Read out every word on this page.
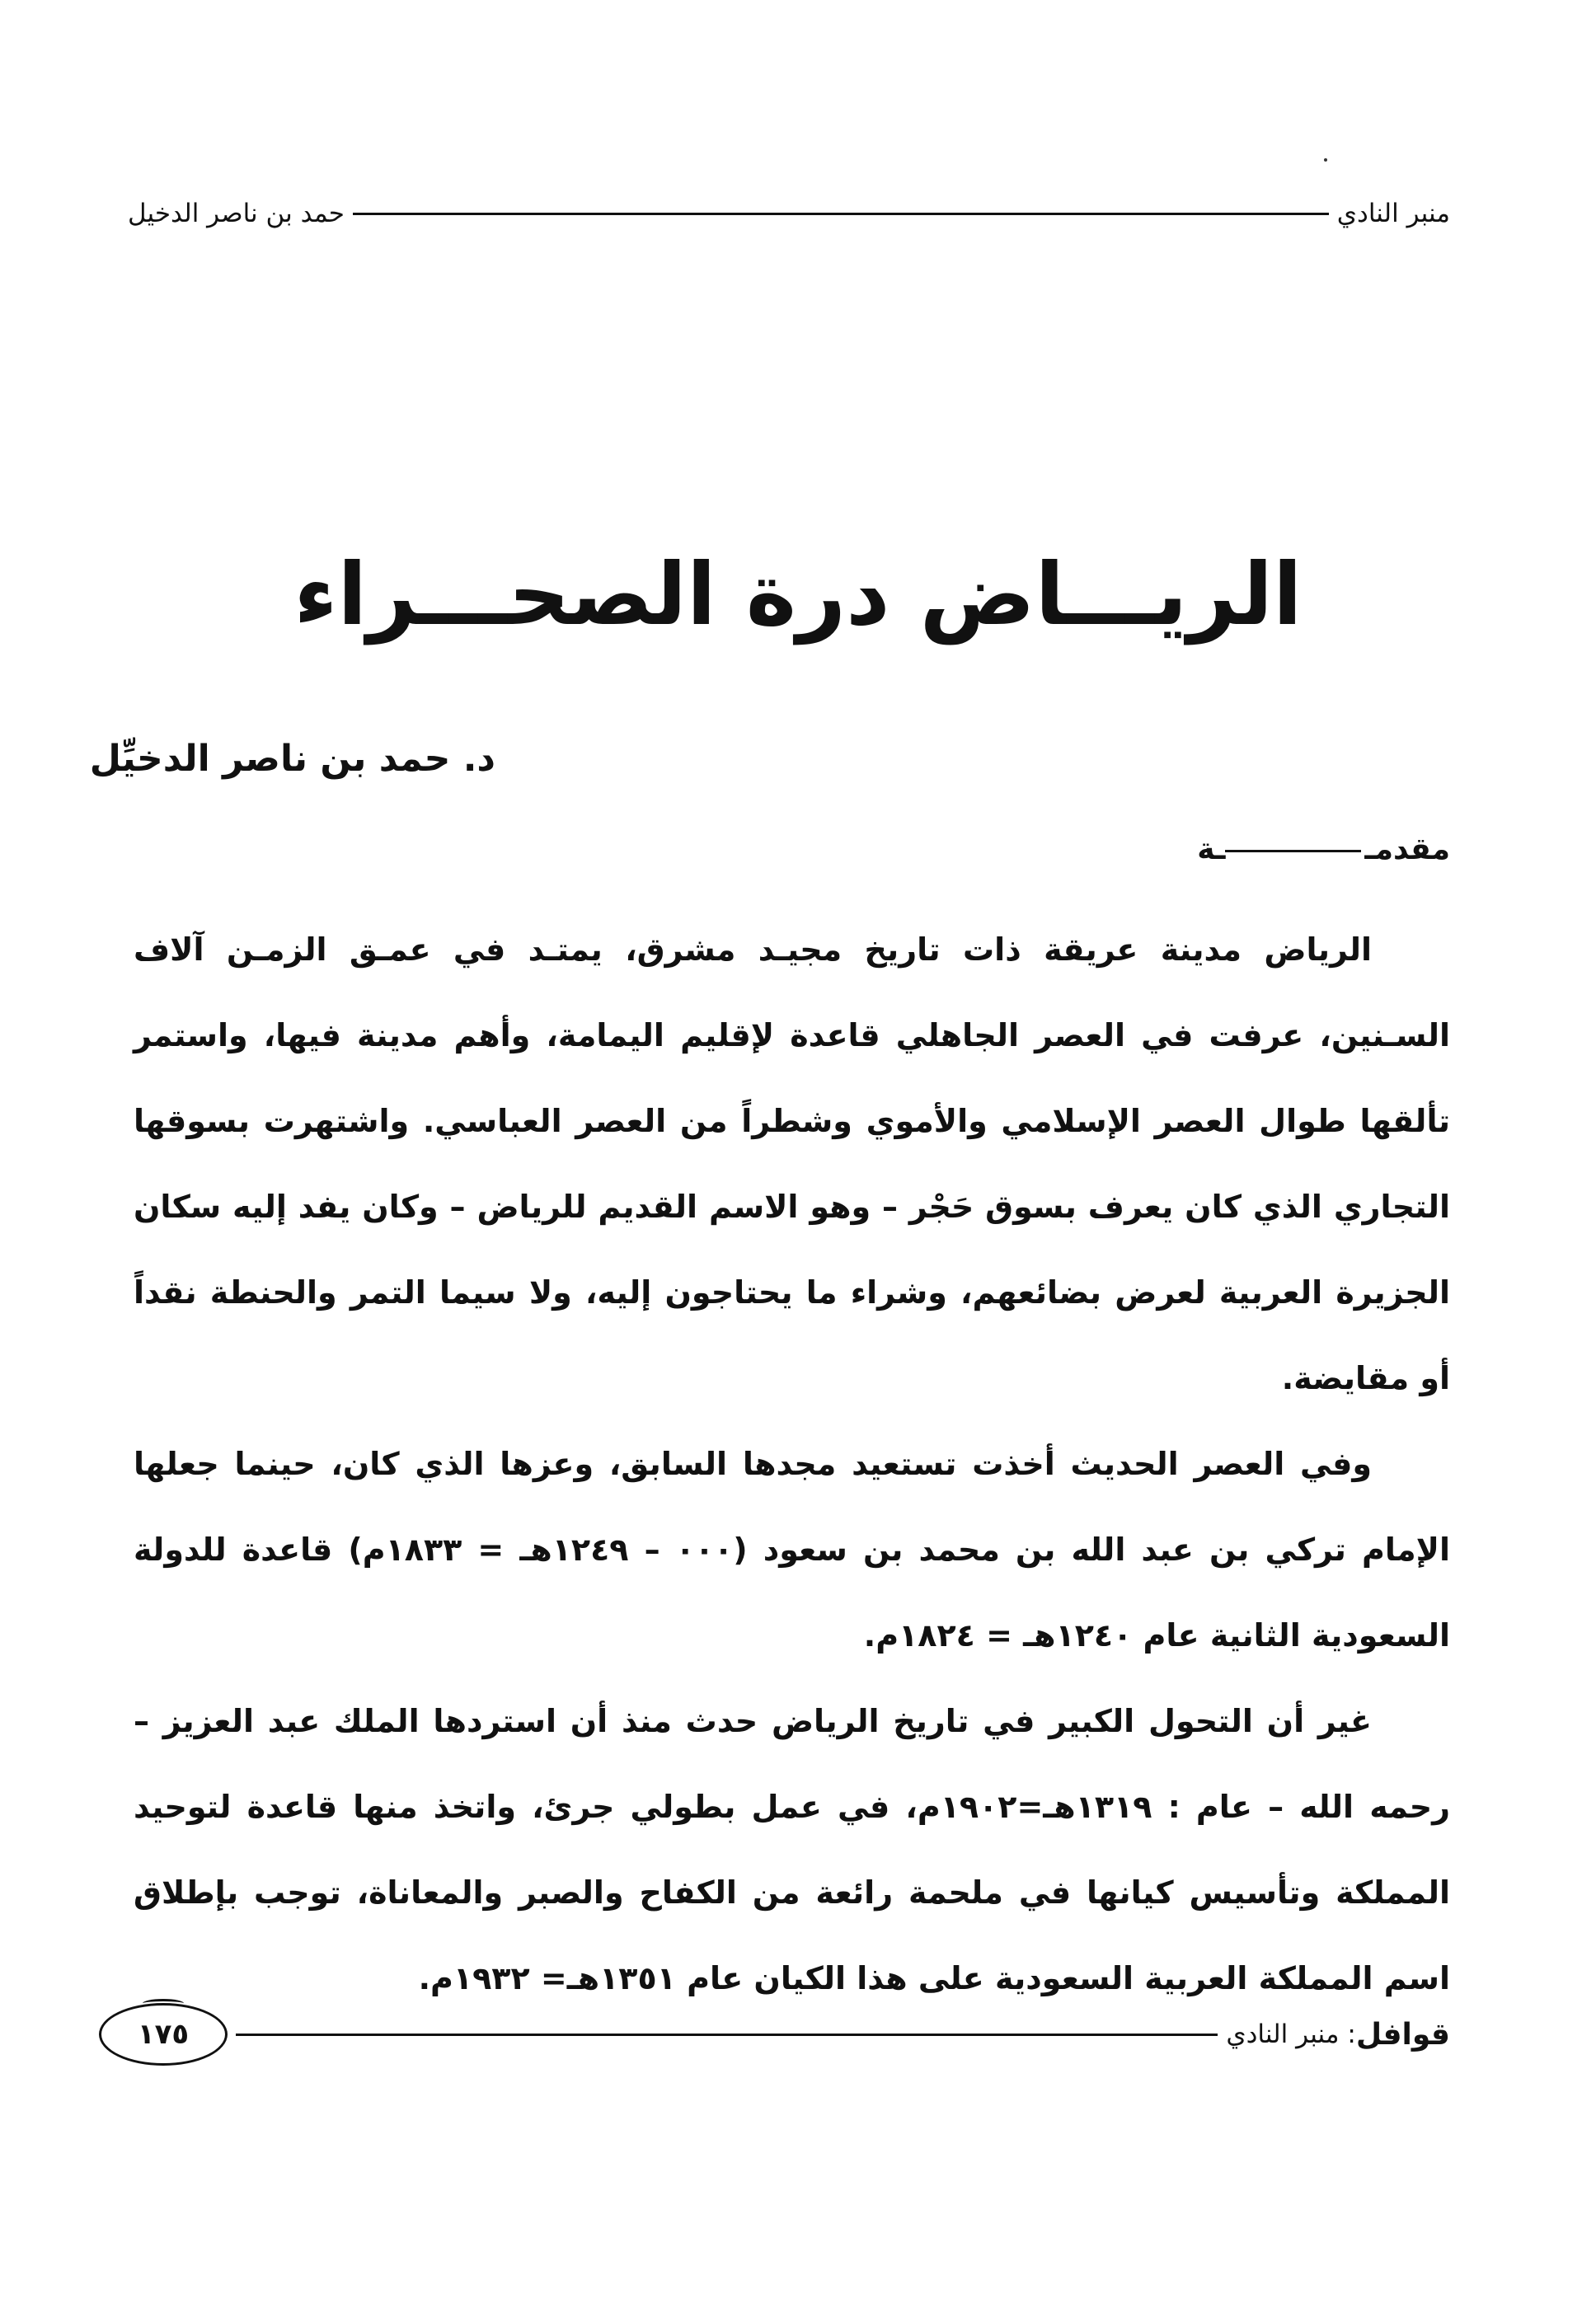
منبر النادي
حمد بن ناصر الدخيل
الريـــاض درة الصحـــراء
د. حمد بن ناصر الدخيِّل
مقدمــة

الرياض مدينة عريقة ذات تاريخ مجيـد مشرق، يمتـد في عمـق الزمـن آلاف السـنين، عرفت في العصر الجاهلي قاعدة لإقليم اليمامة، وأهم مدينة فيها، واستمر تألقها طوال العصر الإسلامي والأموي وشطراً من العصر العباسي. واشتهرت بسوقها التجاري الذي كان يعرف بسوق حَجْر – وهو الاسم القديم للرياض – وكان يفد إليه سكان الجزيرة العربية لعرض بضائعهم، وشراء ما يحتاجون إليه، ولا سيما التمر والحنطة نقداً أو مقايضة.

وفي العصر الحديث أخذت تستعيد مجدها السابق، وعزها الذي كان، حينما جعلها الإمام تركي بن عبد الله بن محمد بن سعود (٠٠٠ – ١٢٤٩هـ = ١٨٣٣م) قاعدة للدولة السعودية الثانية عام ١٢٤٠هـ = ١٨٢٤م.

غير أن التحول الكبير في تاريخ الرياض حدث منذ أن استردها الملك عبد العزيز – رحمه الله – عام : ١٣١٩هـ=١٩٠٢م، في عمل بطولي جرئ، واتخذ منها قاعدة لتوحيد المملكة وتأسيس كيانها في ملحمة رائعة من الكفاح والصبر والمعاناة، توجب بإطلاق اسم المملكة العربية السعودية على هذا الكيان عام ١٣٥١هـ= ١٩٣٢م.

قوافل
: منبر النادي
١٧٥
